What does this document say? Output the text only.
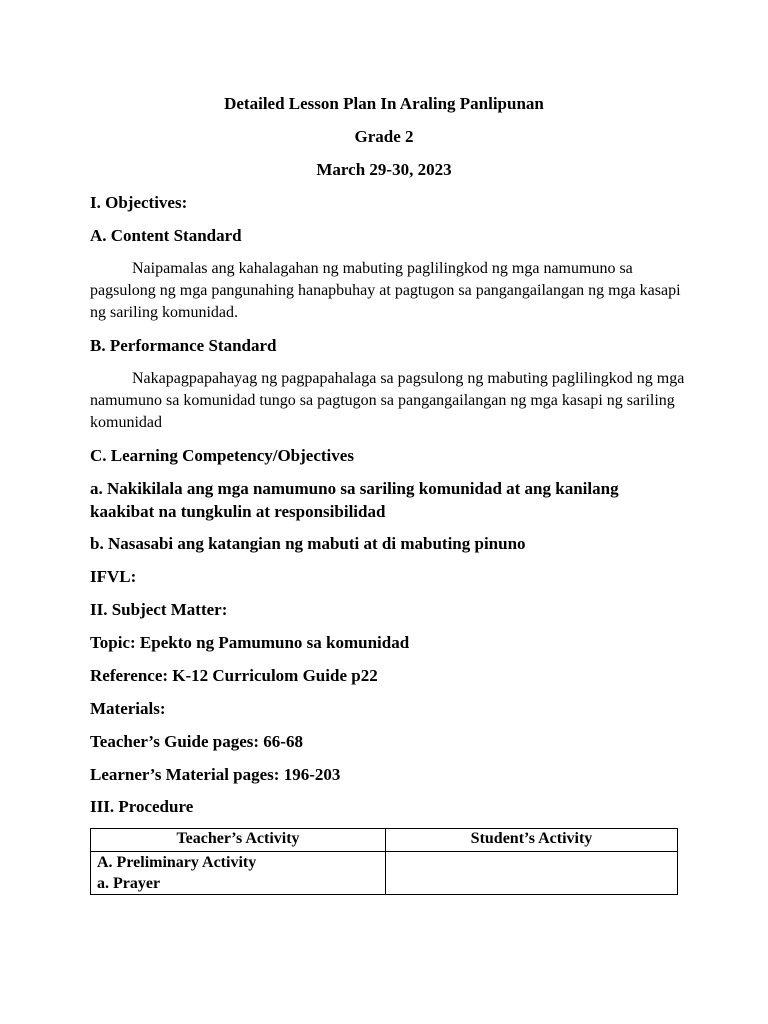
Detailed Lesson Plan In Araling Panlipunan
Grade 2
March 29-30, 2023
I. Objectives:
A. Content Standard
Naipamalas ang kahalagahan ng mabuting paglilingkod ng mga namumuno sa pagsulong ng mga pangunahing hanapbuhay at pagtugon sa pangangailangan ng mga kasapi ng sariling komunidad.
B. Performance Standard
Nakapagpapahayag ng pagpapahalaga sa pagsulong ng mabuting paglilingkod ng mga namumuno sa komunidad tungo sa pagtugon sa pangangailangan ng mga kasapi ng sariling komunidad
C. Learning Competency/Objectives
a. Nakikilala ang mga namumuno sa sariling komunidad at ang kanilang
kaakibat na tungkulin at responsibilidad
b. Nasasabi ang katangian ng mabuti at di mabuting pinuno
IFVL:
II. Subject Matter:
Topic: Epekto ng Pamumuno sa komunidad
Reference: K-12 Curriculom Guide p22
Materials:
Teacher’s Guide pages: 66-68
Learner’s Material pages: 196-203
III. Procedure
Teacher’s Activity	Student’s Activity

A. Preliminary Activity
a. Prayer	
